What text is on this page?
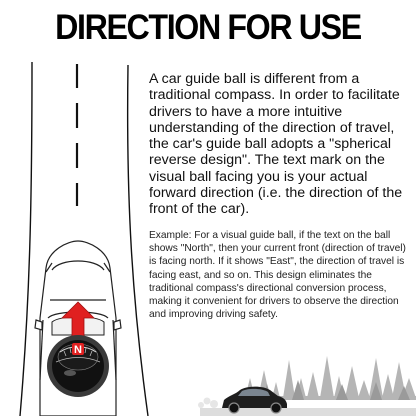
DIRECTION FOR USE
N

A car guide ball is different from a traditional compass. In order to facilitate drivers to have a more intuitive understanding of the direction of travel, the car's guide ball adopts a "spherical reverse design". The text mark on the visual ball facing you is your actual forward direction (i.e. the direction of the front of the car).

Example: For a visual guide ball, if the text on the ball shows "North", then your current front (direction of travel) is facing north. If it shows "East", the direction of travel is facing east, and so on. This design eliminates the traditional compass's directional conversion process, making it convenient for drivers to observe the direction and improving driving safety.
